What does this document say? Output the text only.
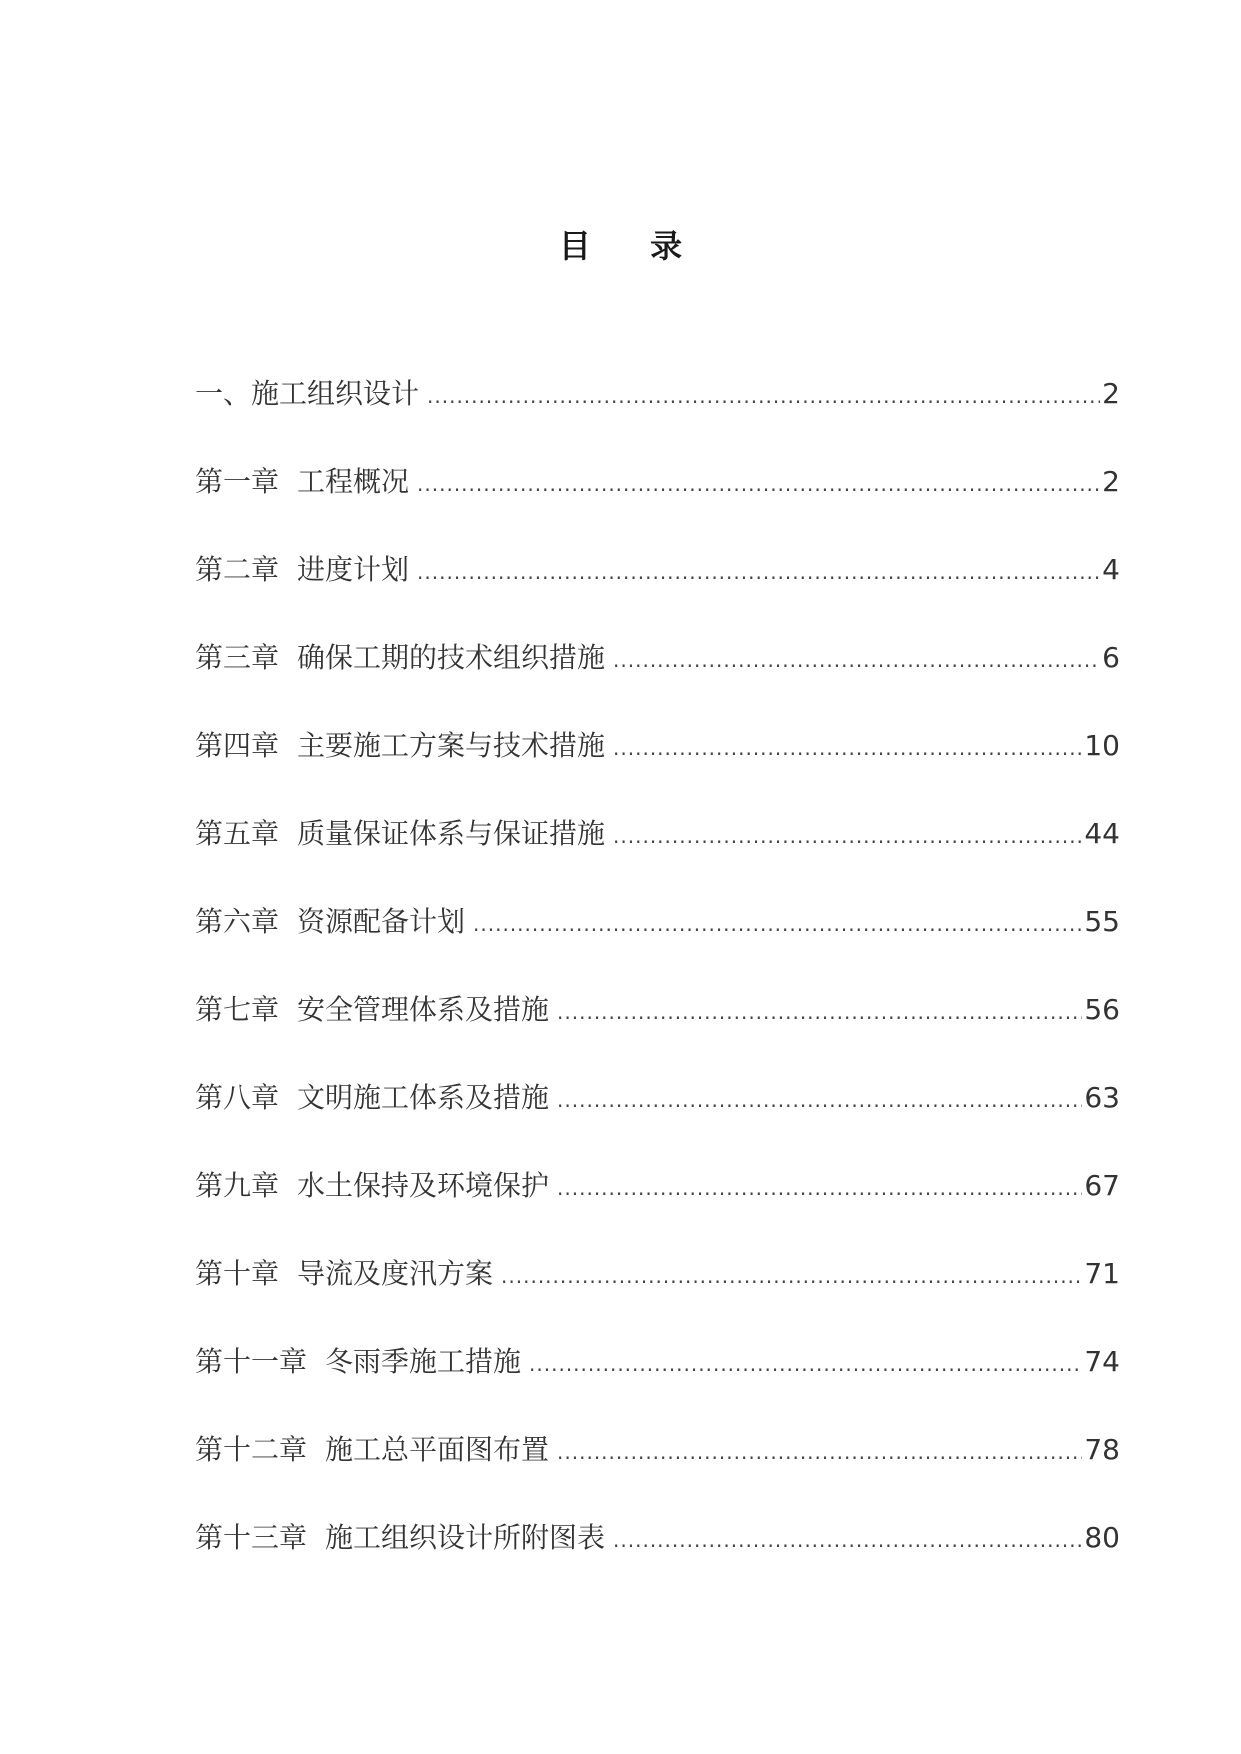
目 录
一、施工组织设计 .....	2
第一章 工程概况 .....	2
第二章 进度计划 .....	4
第三章 确保工期的技术组织措施 .....	6
第四章 主要施工方案与技术措施 .....	10
第五章 质量保证体系与保证措施 .....	44
第六章 资源配备计划 .....	55
第七章 安全管理体系及措施 .....	56
第八章 文明施工体系及措施 .....	63
第九章 水土保持及环境保护 .....	67
第十章 导流及度汛方案 .....	71
第十一章 冬雨季施工措施 .....	74
第十二章 施工总平面图布置 .....	78
第十三章 施工组织设计所附图表 .....	80
